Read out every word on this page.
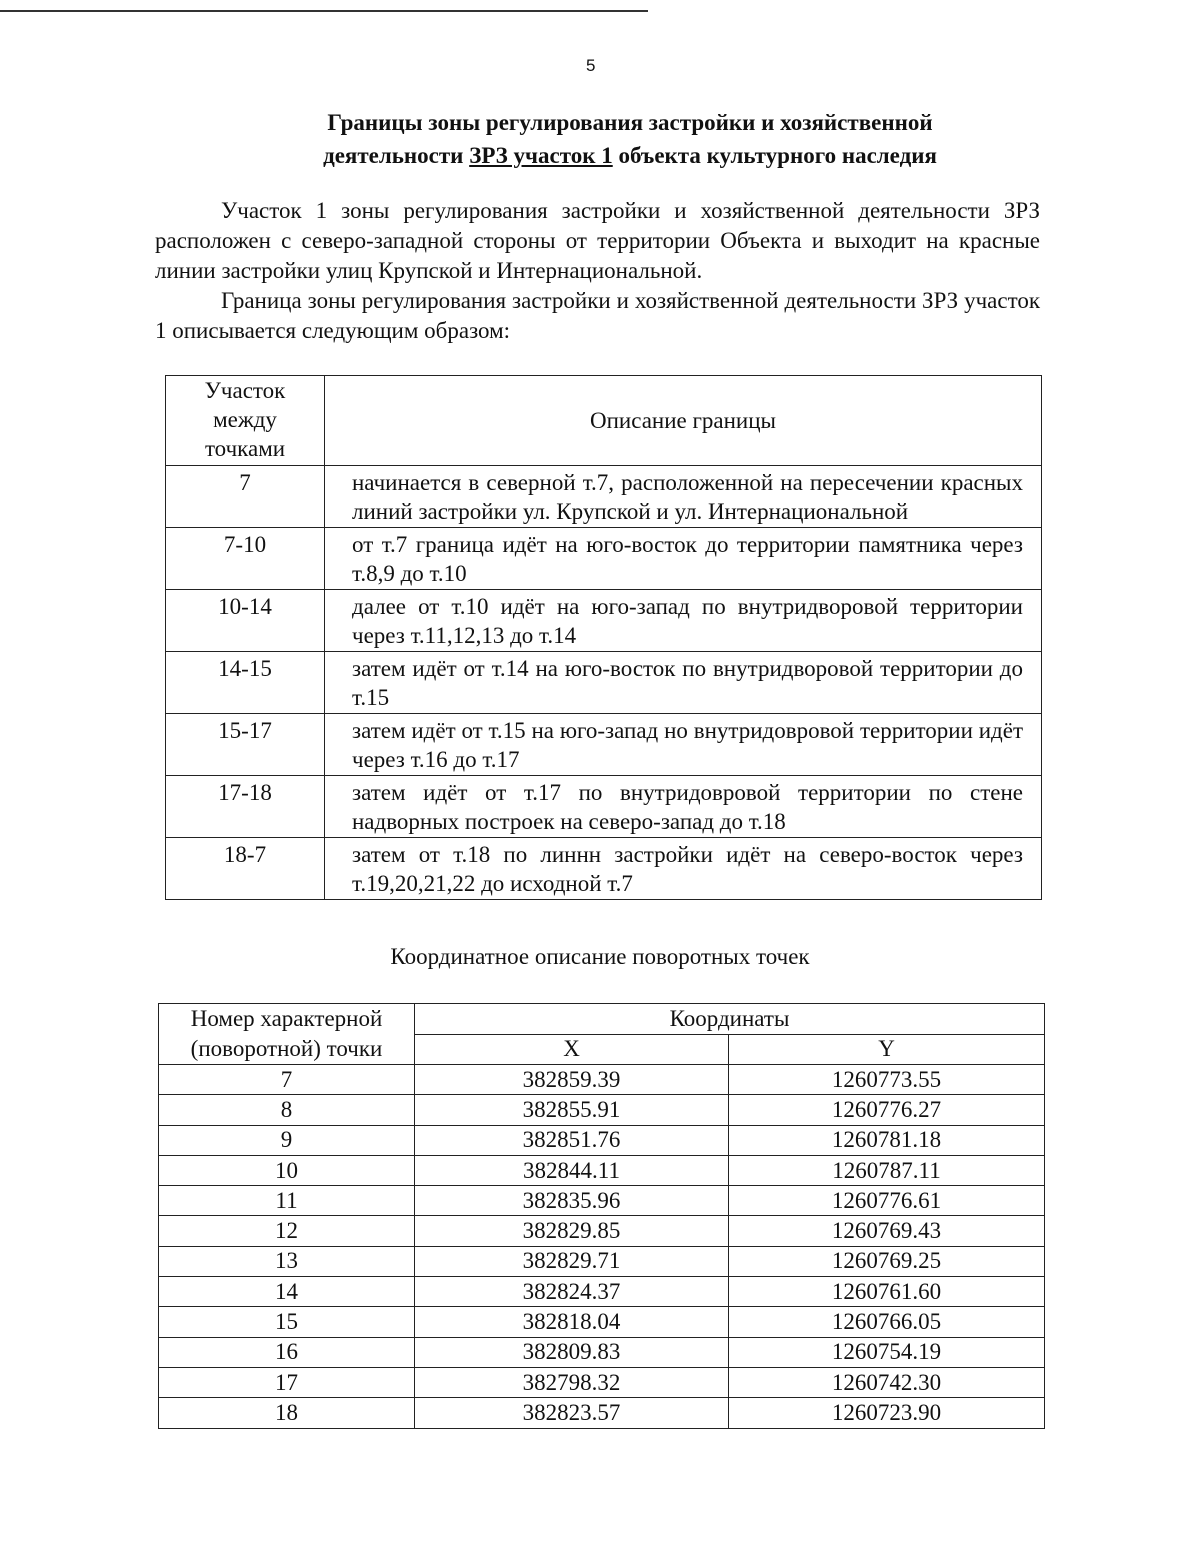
5
Границы зоны регулирования застройки и хозяйственной
деятельности ЗРЗ участок 1 объекта культурного наследия
Участок 1 зоны регулирования застройки и хозяйственной деятельности ЗРЗ расположен с северо-западной стороны от территории Объекта и выходит на красные линии застройки улиц Крупской и Интернациональной.
Граница зоны регулирования застройки и хозяйственной деятельности ЗРЗ участок 1 описывается следующим образом:
Участок
между
точками	Описание границы
7	начинается в северной т.7, расположенной на пересечении красных линий застройки ул. Крупской и ул. Интернациональной
7-10	от т.7 граница идёт на юго-восток до территории памятника через т.8,9 до т.10
10-14	далее от т.10 идёт на юго-запад по внутридворовой территории через т.11,12,13 до т.14
14-15	затем идёт от т.14 на юго-восток по внутридворовой территории до т.15
15-17	затем идёт от т.15 на юго-запад но внутридовровой территории идёт через т.16 до т.17
17-18	затем идёт от т.17 по внутридовровой территории по стене надворных построек на северо-запад до т.18
18-7	затем от т.18 по линнн застройки идёт на северо-восток через т.19,20,21,22 до исходной т.7
Координатное описание поворотных точек
Номер характерной
(поворотной) точки	Координаты	
	X	Y
7	382859.39	1260773.55
8	382855.91	1260776.27
9	382851.76	1260781.18
10	382844.11	1260787.11
11	382835.96	1260776.61
12	382829.85	1260769.43
13	382829.71	1260769.25
14	382824.37	1260761.60
15	382818.04	1260766.05
16	382809.83	1260754.19
17	382798.32	1260742.30
18	382823.57	1260723.90
